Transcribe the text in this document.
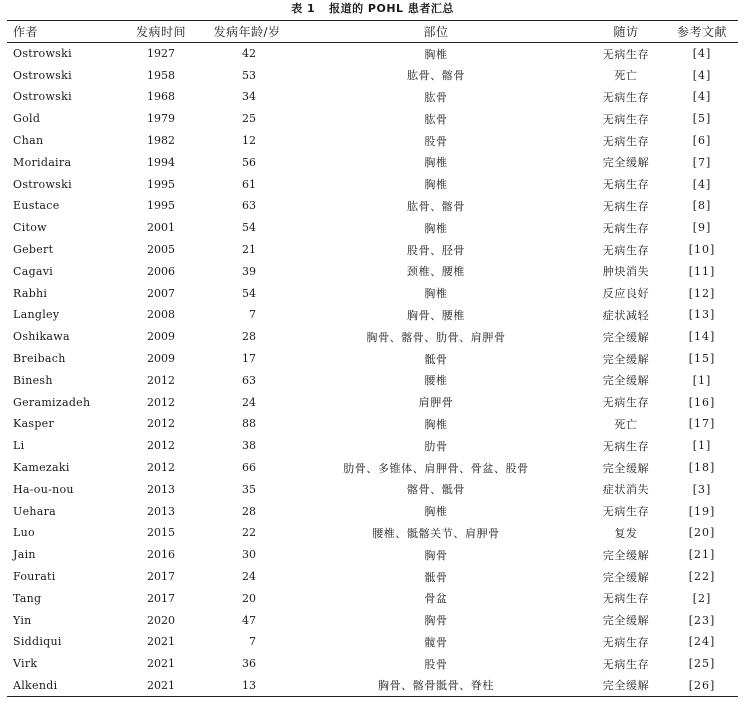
表 1 报道的 POHL 患者汇总
作者	发病时间	发病年龄/岁	部位	随访	参考文献
Ostrowski	1927	42	胸椎	无病生存	[4]
Ostrowski	1958	53	肱骨、髂骨	死亡	[4]
Ostrowski	1968	34	肱骨	无病生存	[4]
Gold	1979	25	肱骨	无病生存	[5]
Chan	1982	12	股骨	无病生存	[6]
Moridaira	1994	56	胸椎	完全缓解	[7]
Ostrowski	1995	61	胸椎	无病生存	[4]
Eustace	1995	63	肱骨、髂骨	无病生存	[8]
Citow	2001	54	胸椎	无病生存	[9]
Gebert	2005	21	股骨、胫骨	无病生存	[10]
Cagavi	2006	39	颈椎、腰椎	肿块消失	[11]
Rabhi	2007	54	胸椎	反应良好	[12]
Langley	2008	7	胸骨、腰椎	症状减轻	[13]
Oshikawa	2009	28	胸骨、髂骨、肋骨、肩胛骨	完全缓解	[14]
Breibach	2009	17	骶骨	完全缓解	[15]
Binesh	2012	63	腰椎	完全缓解	[1]
Geramizadeh	2012	24	肩胛骨	无病生存	[16]
Kasper	2012	88	胸椎	死亡	[17]
Li	2012	38	肋骨	无病生存	[1]
Kamezaki	2012	66	肋骨、多锥体、肩胛骨、骨盆、股骨	完全缓解	[18]
Ha-ou-nou	2013	35	髂骨、骶骨	症状消失	[3]
Uehara	2013	28	胸椎	无病生存	[19]
Luo	2015	22	腰椎、骶髂关节、肩胛骨	复发	[20]
Jain	2016	30	胸骨	完全缓解	[21]
Fourati	2017	24	骶骨	完全缓解	[22]
Tang	2017	20	骨盆	无病生存	[2]
Yin	2020	47	胸骨	完全缓解	[23]
Siddiqui	2021	7	髋骨	无病生存	[24]
Virk	2021	36	股骨	无病生存	[25]
Alkendi	2021	13	胸骨、髂骨骶骨、脊柱	完全缓解	[26]
